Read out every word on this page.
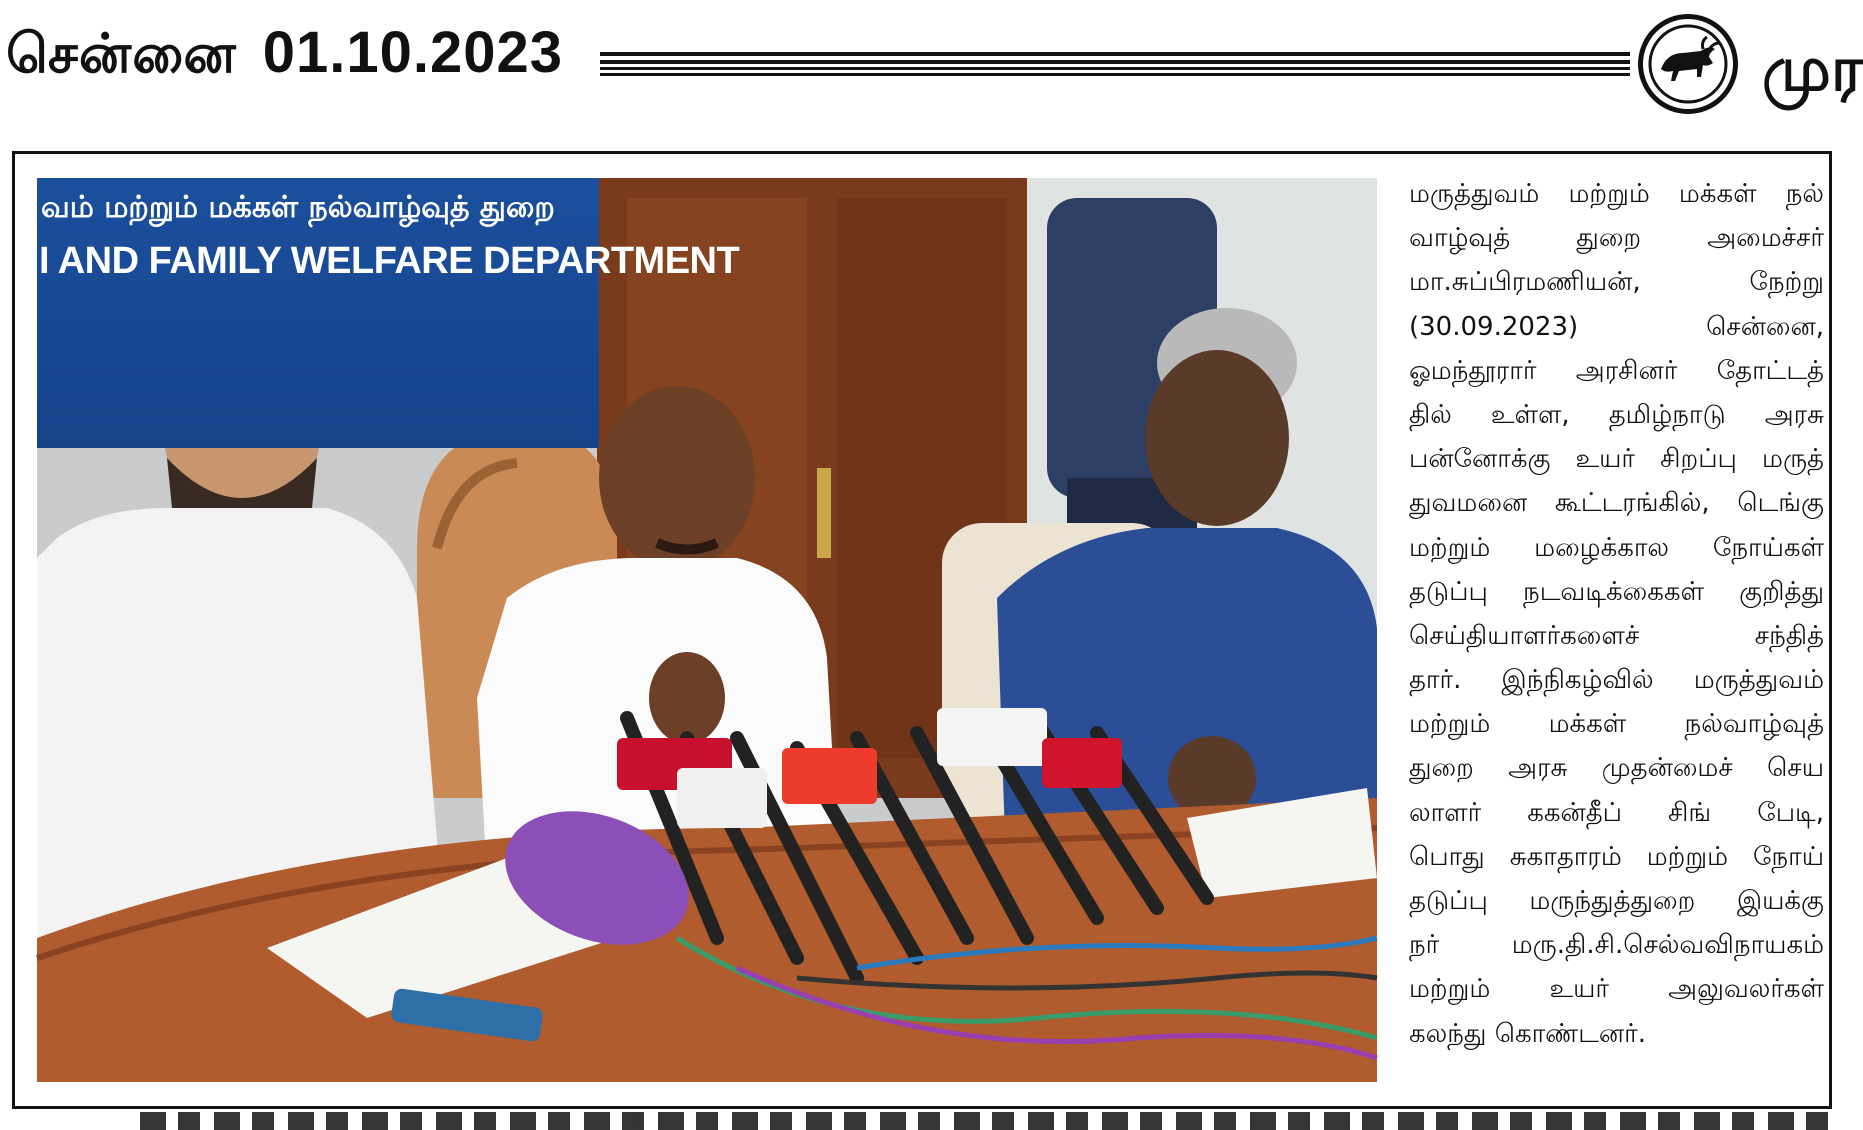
சென்னை 01.10.2023	முர
வம் மற்றும் மக்கள் நல்வாழ்வுத் துறை
I AND FAMILY WELFARE DEPARTMENT
மருத்துவம் மற்றும் மக்கள் நல்
வாழ்வுத் துறை அமைச்சர்
மா.சுப்பிரமணியன், நேற்று
(30.09.2023) சென்னை,
ஓமந்தூரார் அரசினர் தோட்டத்
தில் உள்ள, தமிழ்நாடு அரசு
பன்னோக்கு உயர் சிறப்பு மருத்
துவமனை கூட்டரங்கில், டெங்கு
மற்றும் மழைக்கால நோய்கள்
தடுப்பு நடவடிக்கைகள் குறித்து
செய்தியாளர்களைச் சந்தித்
தார். இந்நிகழ்வில் மருத்துவம்
மற்றும் மக்கள் நல்வாழ்வுத்
துறை அரசு முதன்மைச் செய
லாளர் ககன்தீப் சிங் பேடி,
பொது சுகாதாரம் மற்றும் நோய்
தடுப்பு மருந்துத்துறை இயக்கு
நர் மரு.தி.சி.செல்வவிநாயகம்
மற்றும் உயர் அலுவலர்கள்
கலந்து கொண்டனர்.
